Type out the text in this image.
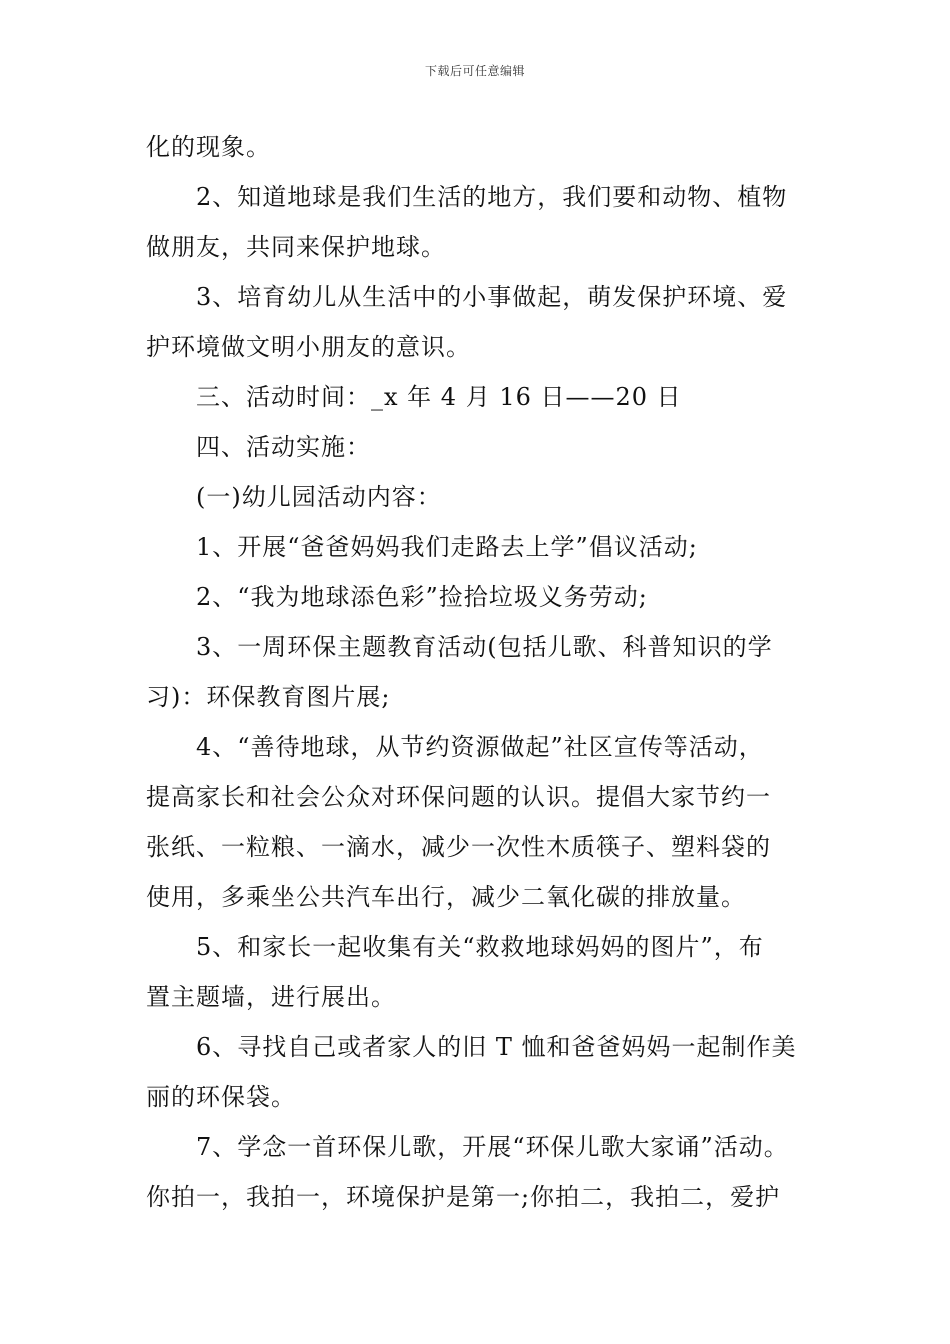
下载后可任意编辑
化的现象。
2、知道地球是我们生活的地方，我们要和动物、植物
做朋友，共同来保护地球。
3、培育幼儿从生活中的小事做起，萌发保护环境、爱
护环境做文明小朋友的意识。
三、活动时间：_x 年 4 月 16 日——20 日
四、活动实施：
(一)幼儿园活动内容：
1、开展“爸爸妈妈我们走路去上学”倡议活动;
2、“我为地球添色彩”捡拾垃圾义务劳动;
3、一周环保主题教育活动(包括儿歌、科普知识的学
习)：环保教育图片展;
4、“善待地球，从节约资源做起”社区宣传等活动，
提高家长和社会公众对环保问题的认识。提倡大家节约一
张纸、一粒粮、一滴水，减少一次性木质筷子、塑料袋的
使用，多乘坐公共汽车出行，减少二氧化碳的排放量。
5、和家长一起收集有关“救救地球妈妈的图片”，布
置主题墙，进行展出。
6、寻找自己或者家人的旧 T 恤和爸爸妈妈一起制作美
丽的环保袋。
7、学念一首环保儿歌，开展“环保儿歌大家诵”活动。
你拍一，我拍一，环境保护是第一;你拍二，我拍二，爱护
